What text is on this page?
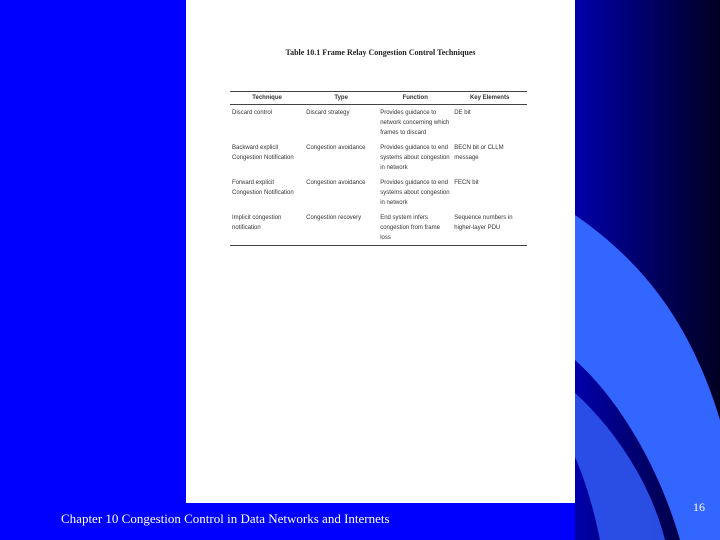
Table 10.1 Frame Relay Congestion Control Techniques
Technique	Type	Function	Key Elements
Discard control	Discard strategy	Provides guidance to network concerning which frames to discard	DE bit
Backward explicit Congestion Notification	Congestion avoidance	Provides guidance to end systems about congestion in network	BECN bit or CLLM message
Forward explicit Congestion Notification	Congestion avoidance	Provides guidance to end systems about congestion in network	FECN bit
Implicit congestion notification	Congestion recovery	End system infers congestion from frame loss	Sequence numbers in higher-layer PDU
Chapter 10 Congestion Control in Data Networks and Internets
16
